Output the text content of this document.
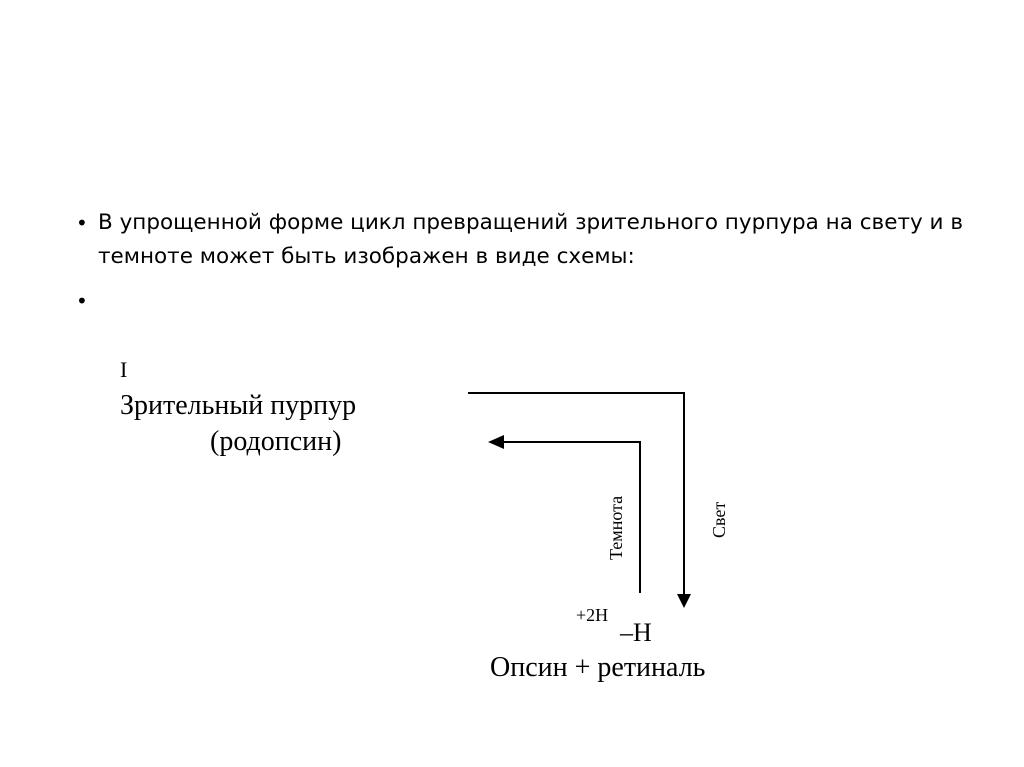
• В упрощенной форме цикл превращений зрительного пурпура на свету и в темноте может быть изображен в виде схемы:
•
I
Зрительный пурпур
(родопсин)
Темнота	Свет
+2H
–H
Опсин + ретиналь
